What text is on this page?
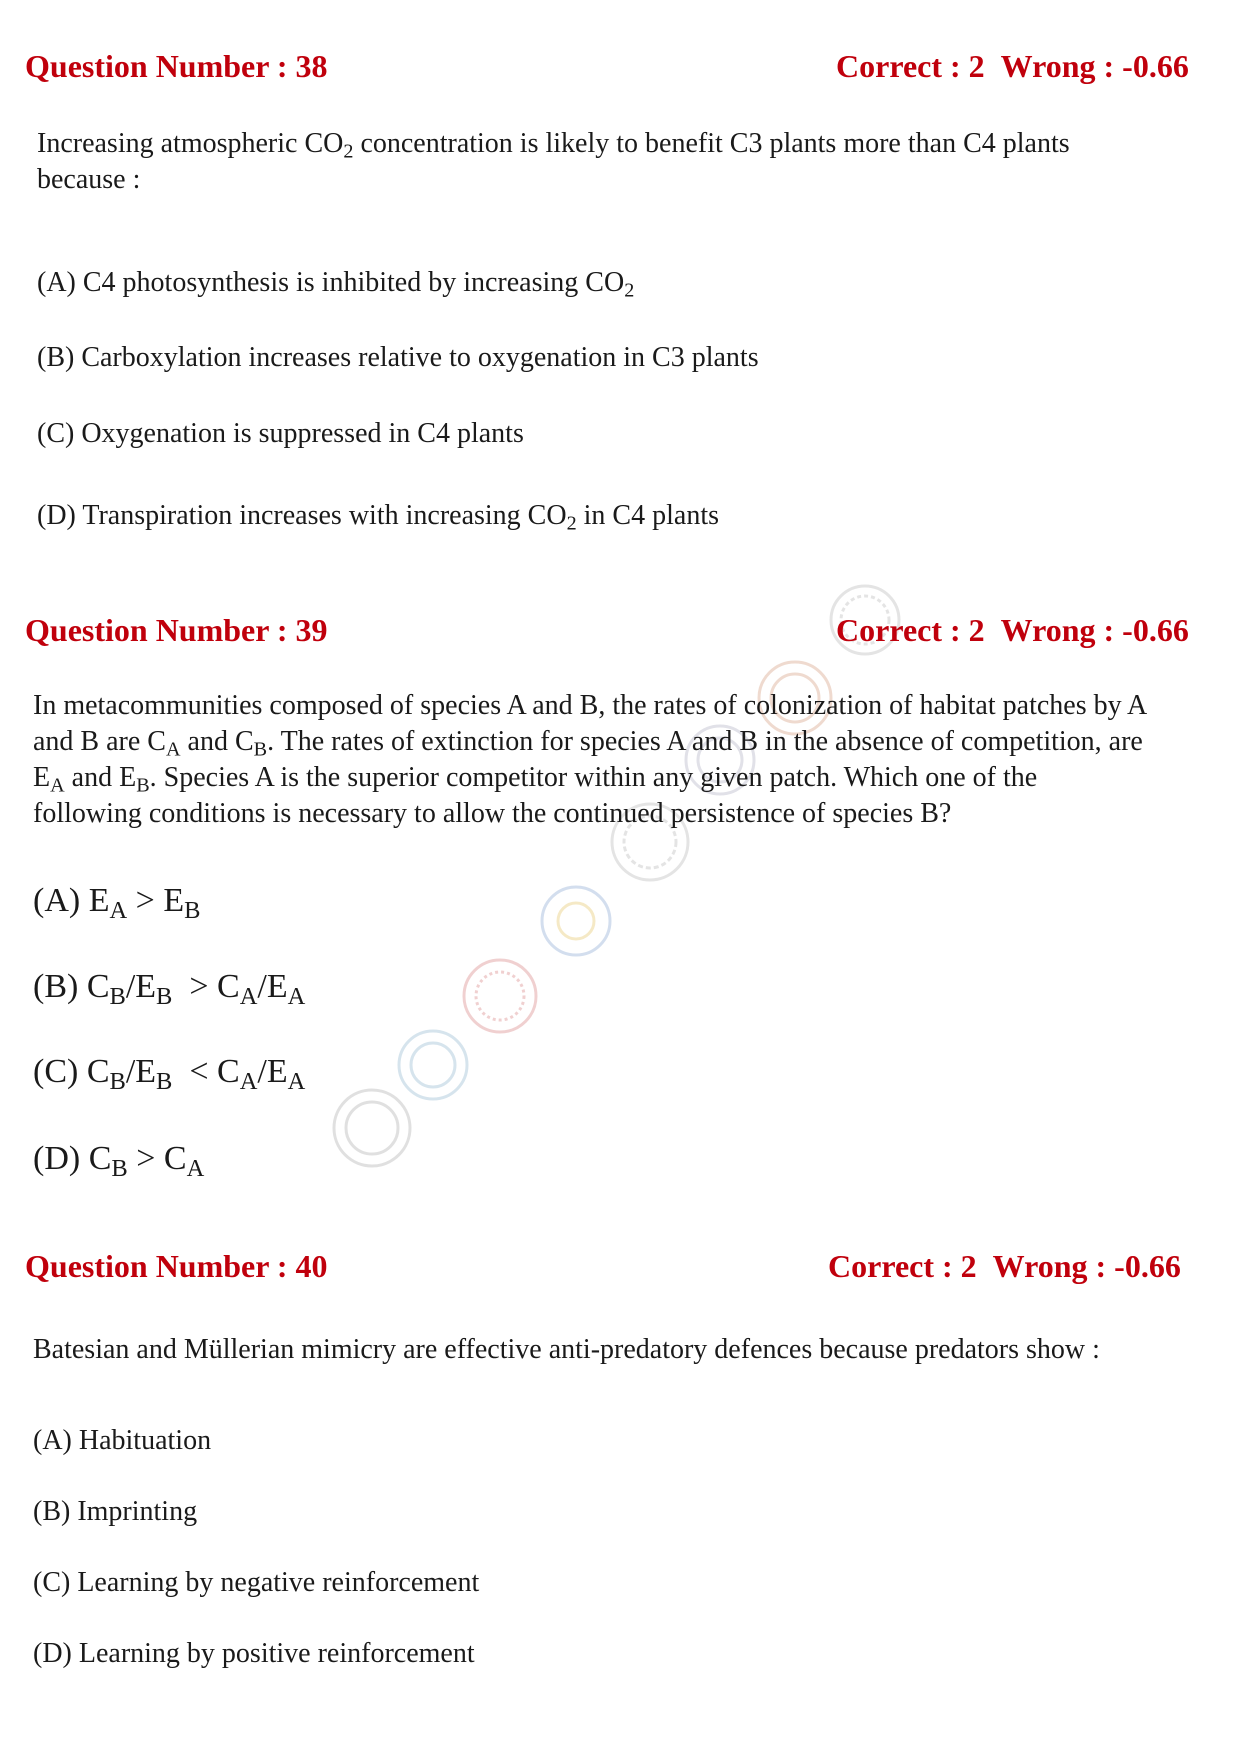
Question Number : 38	Correct : 2 Wrong : -0.66
Increasing atmospheric $CO_2$ concentration is likely to benefit C3 plants more than C4 plants
because :
(A) C4 photosynthesis is inhibited by increasing $CO_2$
(B) Carboxylation increases relative to oxygenation in C3 plants
(C) Oxygenation is suppressed in C4 plants
(D) Transpiration increases with increasing $CO_2$ in C4 plants
Question Number : 39	Correct : 2 Wrong : -0.66
In metacommunities composed of species A and B, the rates of colonization of habitat patches by A
and B are $C_A$ and $C_B$. The rates of extinction for species A and B in the absence of competition, are
$E_A$ and $E_B$. Species A is the superior competitor within any given patch. Which one of the
following conditions is necessary to allow the continued persistence of species B?
(A) $E_A > E_B$
(B) $C_B/E_B > C_A/E_A$
(C) $C_B/E_B < C_A/E_A$
(D) $C_B > C_A$
Question Number : 40	Correct : 2 Wrong : -0.66
Batesian and Müllerian mimicry are effective anti-predatory defences because predators show :
(A) Habituation
(B) Imprinting
(C) Learning by negative reinforcement
(D) Learning by positive reinforcement
